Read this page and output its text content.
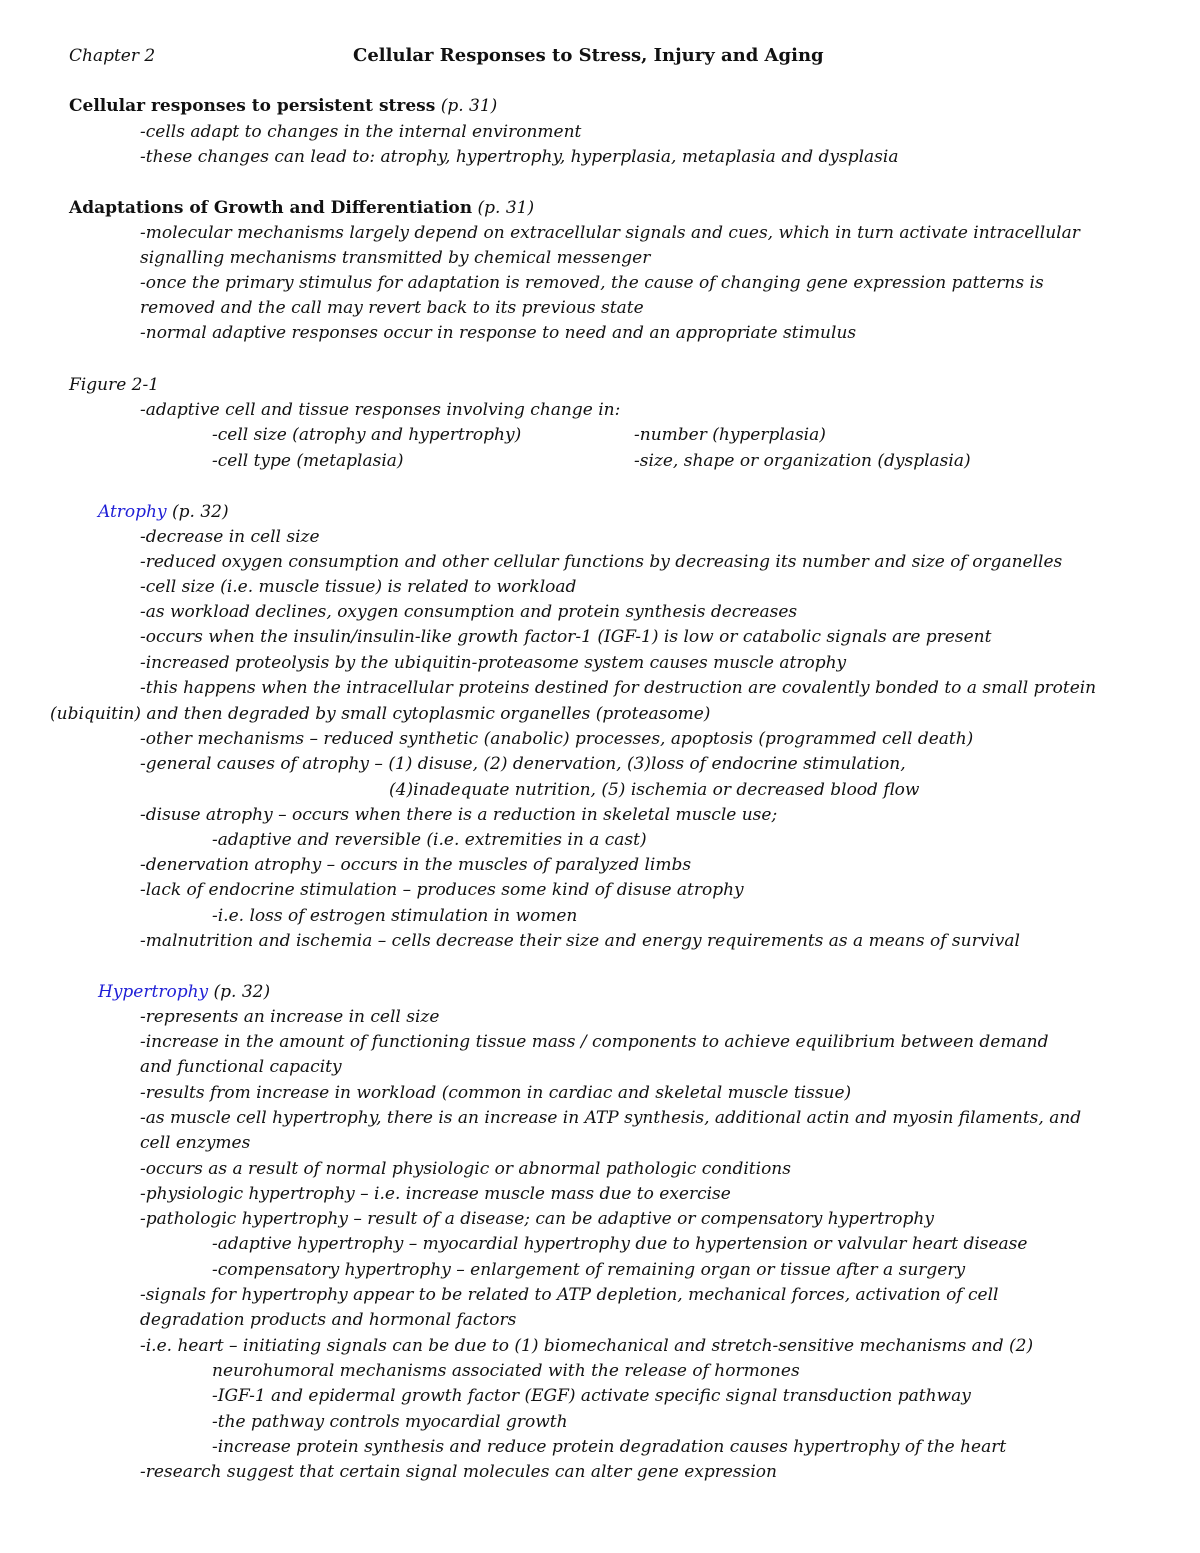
Chapter 2	Cellular Responses to Stress, Injury and Aging
Cellular responses to persistent stress (p. 31)
-cells adapt to changes in the internal environment
-these changes can lead to: atrophy, hypertrophy, hyperplasia, metaplasia and dysplasia
Adaptations of Growth and Differentiation (p. 31)
-molecular mechanisms largely depend on extracellular signals and cues, which in turn activate intracellular
signalling mechanisms transmitted by chemical messenger
-once the primary stimulus for adaptation is removed, the cause of changing gene expression patterns is
removed and the call may revert back to its previous state
-normal adaptive responses occur in response to need and an appropriate stimulus
Figure 2-1
-adaptive cell and tissue responses involving change in:
-cell size (atrophy and hypertrophy)	-number (hyperplasia)
-cell type (metaplasia)	-size, shape or organization (dysplasia)
Atrophy (p. 32)
-decrease in cell size
-reduced oxygen consumption and other cellular functions by decreasing its number and size of organelles
-cell size (i.e. muscle tissue) is related to workload
-as workload declines, oxygen consumption and protein synthesis decreases
-occurs when the insulin/insulin-like growth factor-1 (IGF-1) is low or catabolic signals are present
-increased proteolysis by the ubiquitin-proteasome system causes muscle atrophy
-this happens when the intracellular proteins destined for destruction are covalently bonded to a small protein
(ubiquitin) and then degraded by small cytoplasmic organelles (proteasome)
-other mechanisms – reduced synthetic (anabolic) processes, apoptosis (programmed cell death)
-general causes of atrophy – (1) disuse, (2) denervation, (3)loss of endocrine stimulation,
(4)inadequate nutrition, (5) ischemia or decreased blood flow
-disuse atrophy – occurs when there is a reduction in skeletal muscle use;
-adaptive and reversible (i.e. extremities in a cast)
-denervation atrophy – occurs in the muscles of paralyzed limbs
-lack of endocrine stimulation – produces some kind of disuse atrophy
-i.e. loss of estrogen stimulation in women
-malnutrition and ischemia – cells decrease their size and energy requirements as a means of survival
Hypertrophy (p. 32)
-represents an increase in cell size
-increase in the amount of functioning tissue mass / components to achieve equilibrium between demand
and functional capacity
-results from increase in workload (common in cardiac and skeletal muscle tissue)
-as muscle cell hypertrophy, there is an increase in ATP synthesis, additional actin and myosin filaments, and
cell enzymes
-occurs as a result of normal physiologic or abnormal pathologic conditions
-physiologic hypertrophy – i.e. increase muscle mass due to exercise
-pathologic hypertrophy – result of a disease; can be adaptive or compensatory hypertrophy
-adaptive hypertrophy – myocardial hypertrophy due to hypertension or valvular heart disease
-compensatory hypertrophy – enlargement of remaining organ or tissue after a surgery
-signals for hypertrophy appear to be related to ATP depletion, mechanical forces, activation of cell
degradation products and hormonal factors
-i.e. heart – initiating signals can be due to (1) biomechanical and stretch-sensitive mechanisms and (2)
neurohumoral mechanisms associated with the release of hormones
-IGF-1 and epidermal growth factor (EGF) activate specific signal transduction pathway
-the pathway controls myocardial growth
-increase protein synthesis and reduce protein degradation causes hypertrophy of the heart
-research suggest that certain signal molecules can alter gene expression
